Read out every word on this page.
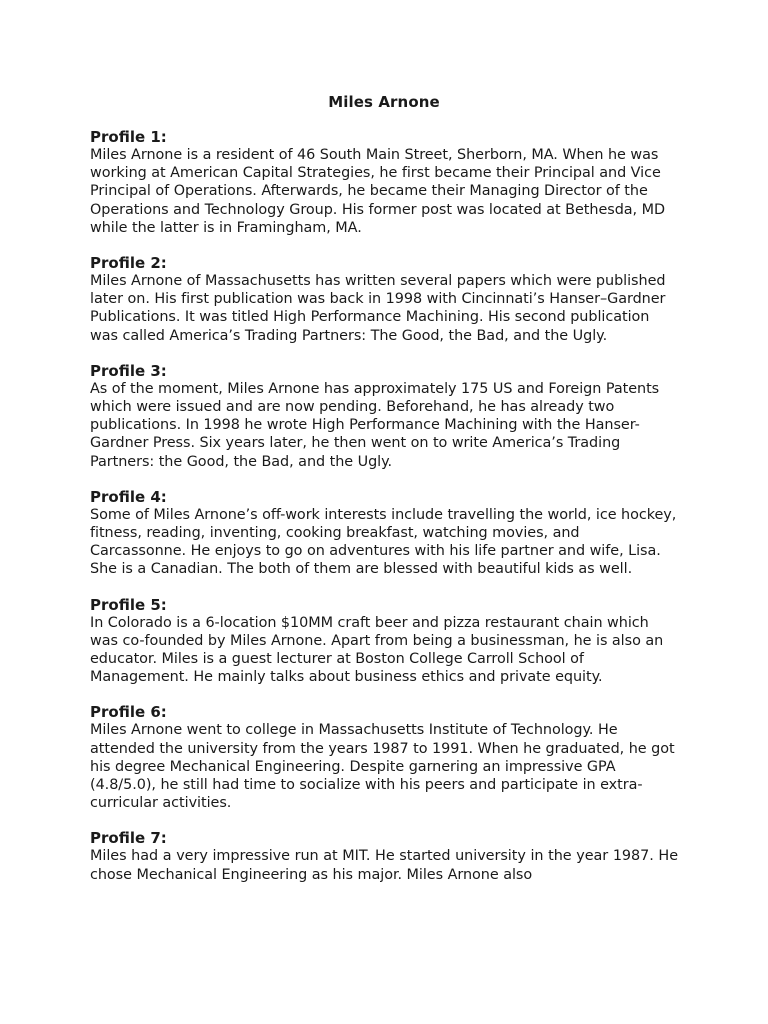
Miles Arnone
Profile 1:
Miles Arnone is a resident of 46 South Main Street, Sherborn, MA. When he was working at American Capital Strategies, he first became their Principal and Vice Principal of Operations. Afterwards, he became their Managing Director of the Operations and Technology Group. His former post was located at Bethesda, MD while the latter is in Framingham, MA.
Profile 2:
Miles Arnone of Massachusetts has written several papers which were published later on. His first publication was back in 1998 with Cincinnati’s Hanser–Gardner Publications. It was titled High Performance Machining. His second publication was called America’s Trading Partners: The Good, the Bad, and the Ugly.
Profile 3:
As of the moment, Miles Arnone has approximately 175 US and Foreign Patents which were issued and are now pending. Beforehand, he has already two publications. In 1998 he wrote High Performance Machining with the Hanser-Gardner Press. Six years later, he then went on to write America’s Trading Partners: the Good, the Bad, and the Ugly.
Profile 4:
Some of Miles Arnone’s off-work interests include travelling the world, ice hockey, fitness, reading, inventing, cooking breakfast, watching movies, and Carcassonne. He enjoys to go on adventures with his life partner and wife, Lisa. She is a Canadian. The both of them are blessed with beautiful kids as well.
Profile 5:
In Colorado is a 6-location $10MM craft beer and pizza restaurant chain which was co-founded by Miles Arnone. Apart from being a businessman, he is also an educator. Miles is a guest lecturer at Boston College Carroll School of Management. He mainly talks about business ethics and private equity.
Profile 6:
Miles Arnone went to college in Massachusetts Institute of Technology. He attended the university from the years 1987 to 1991. When he graduated, he got his degree Mechanical Engineering. Despite garnering an impressive GPA (4.8/5.0), he still had time to socialize with his peers and participate in extra-curricular activities.
Profile 7:
Miles had a very impressive run at MIT. He started university in the year 1987. He chose Mechanical Engineering as his major. Miles Arnone also
